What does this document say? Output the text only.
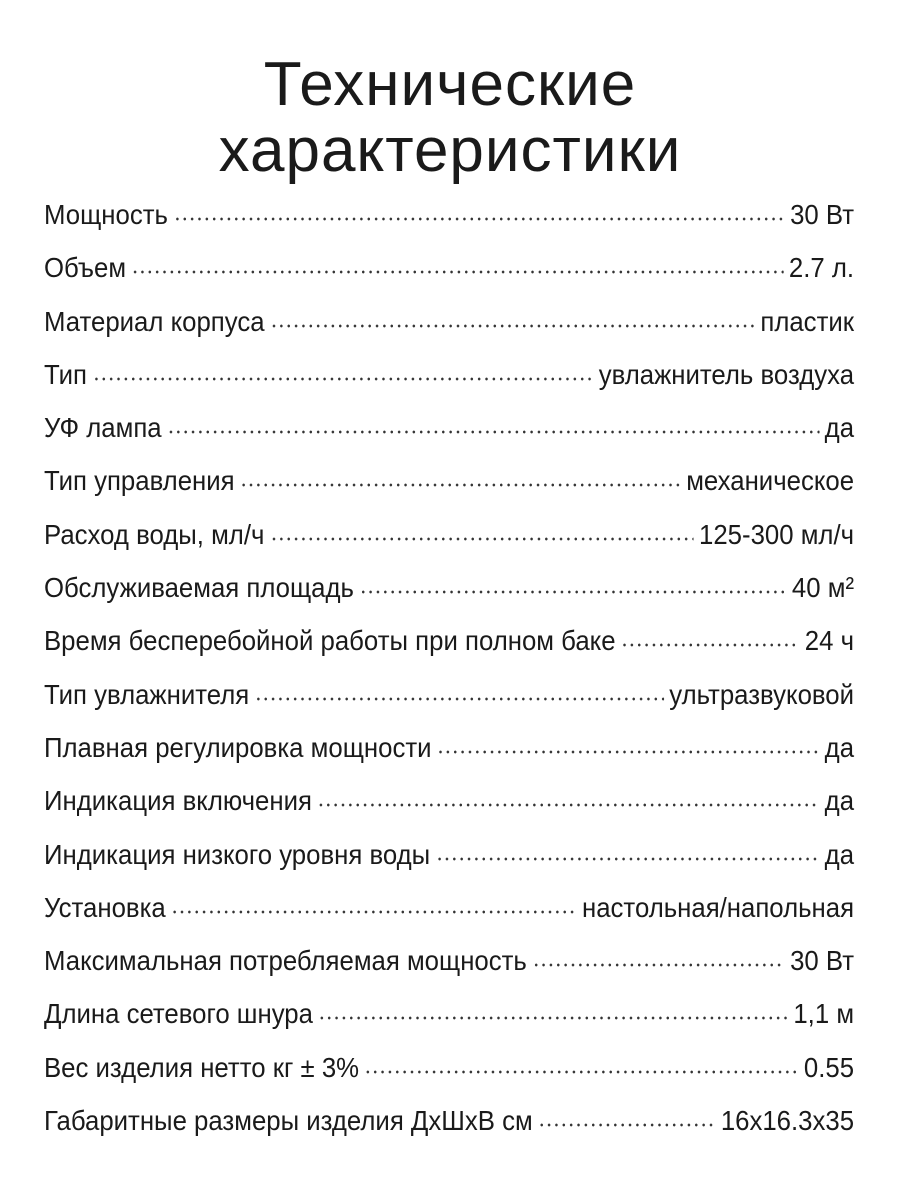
Технические
характеристики
Мощность	30 Вт
Объем	2.7 л.
Материал корпуса	пластик
Тип	увлажнитель воздуха
УФ лампа	да
Тип управления	механическое
Расход воды, мл/ч	125-300 мл/ч
Обслуживаемая площадь	40 м²
Время бесперебойной работы при полном баке	24 ч
Тип увлажнителя	ультразвуковой
Плавная регулировка мощности	да
Индикация включения	да
Индикация низкого уровня воды	да
Установка	настольная/напольная
Максимальная потребляемая мощность	30 Вт
Длина сетевого шнура	1,1 м
Вес изделия нетто кг ± 3%	0.55
Габаритные размеры изделия ДхШхВ см	16x16.3x35
